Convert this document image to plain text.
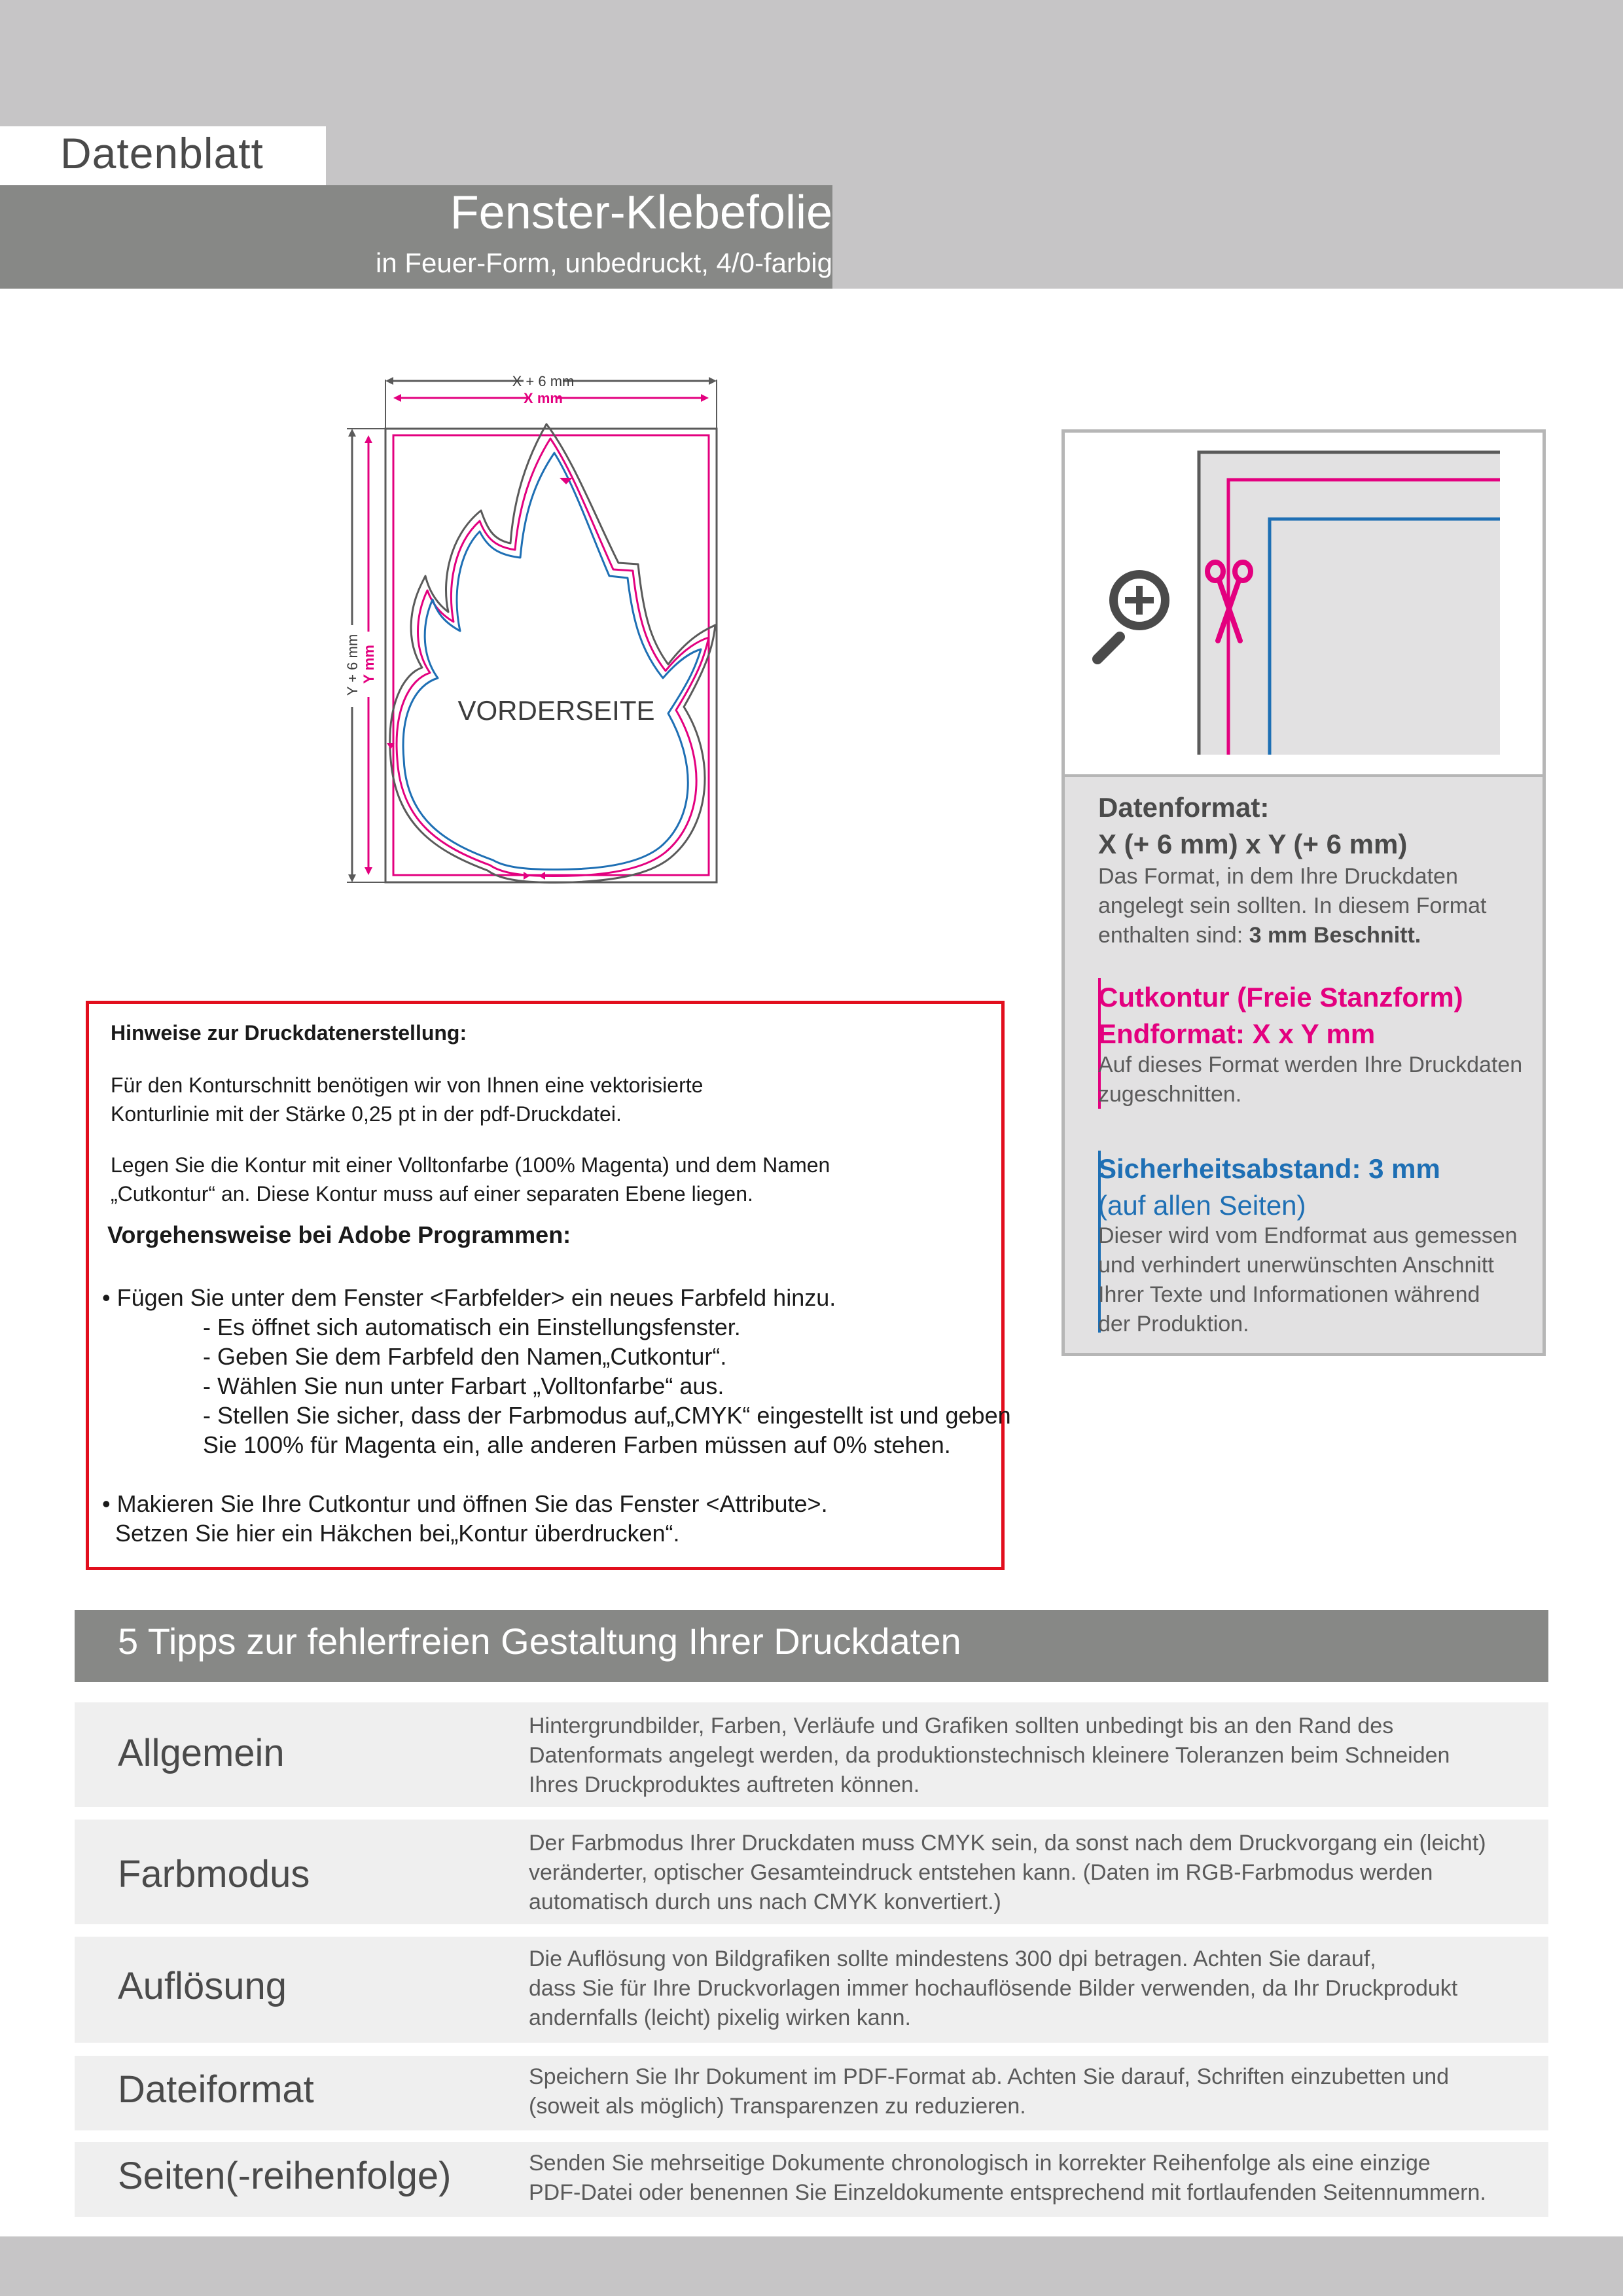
Datenblatt
Fenster-Klebefolie
in Feuer-Form, unbedruckt, 4/0-farbig
X + 6 mm
X mm
Y + 6 mm Y mm
VORDERSEITE
Datenformat:
X (+ 6 mm) x Y (+ 6 mm)
Das Format, in dem Ihre Druckdaten
angelegt sein sollten. In diesem Format
enthalten sind: 3 mm Beschnitt.
Cutkontur (Freie Stanzform)
Endformat: X x Y mm
Auf dieses Format werden Ihre Druckdaten
zugeschnitten.
Sicherheitsabstand: 3 mm
(auf allen Seiten)
Dieser wird vom Endformat aus gemessen
und verhindert unerwünschten Anschnitt
Ihrer Texte und Informationen während
der Produktion.
Hinweise zur Druckdatenerstellung:
Für den Konturschnitt benötigen wir von Ihnen eine vektorisierte
Konturlinie mit der Stärke 0,25 pt in der pdf-Druckdatei.
Legen Sie die Kontur mit einer Volltonfarbe (100% Magenta) und dem Namen
„Cutkontur“ an. Diese Kontur muss auf einer separaten Ebene liegen.
Vorgehensweise bei Adobe Programmen:
• Fügen Sie unter dem Fenster <Farbfelder> ein neues Farbfeld hinzu.
- Es öffnet sich automatisch ein Einstellungsfenster.
- Geben Sie dem Farbfeld den Namen„Cutkontur“.
- Wählen Sie nun unter Farbart „Volltonfarbe“ aus.
- Stellen Sie sicher, dass der Farbmodus auf„CMYK“ eingestellt ist und geben
Sie 100% für Magenta ein, alle anderen Farben müssen auf 0% stehen.
• Makieren Sie Ihre Cutkontur und öffnen Sie das Fenster <Attribute>.
Setzen Sie hier ein Häkchen bei„Kontur überdrucken“.
5 Tipps zur fehlerfreien Gestaltung Ihrer Druckdaten
Allgemein
Hintergrundbilder, Farben, Verläufe und Grafiken sollten unbedingt bis an den Rand des
Datenformats angelegt werden, da produktionstechnisch kleinere Toleranzen beim Schneiden
Ihres Druckproduktes auftreten können.
Farbmodus
Der Farbmodus Ihrer Druckdaten muss CMYK sein, da sonst nach dem Druckvorgang ein (leicht)
veränderter, optischer Gesamteindruck entstehen kann. (Daten im RGB-Farbmodus werden
automatisch durch uns nach CMYK konvertiert.)
Auflösung
Die Auflösung von Bildgrafiken sollte mindestens 300 dpi betragen. Achten Sie darauf,
dass Sie für Ihre Druckvorlagen immer hochauflösende Bilder verwenden, da Ihr Druckprodukt
andernfalls (leicht) pixelig wirken kann.
Dateiformat	Speichern Sie Ihr Dokument im PDF-Format ab. Achten Sie darauf, Schriften einzubetten und
(soweit als möglich) Transparenzen zu reduzieren.
Seiten(-reihenfolge)	Senden Sie mehrseitige Dokumente chronologisch in korrekter Reihenfolge als eine einzige
PDF-Datei oder benennen Sie Einzeldokumente entsprechend mit fortlaufenden Seitennummern.
